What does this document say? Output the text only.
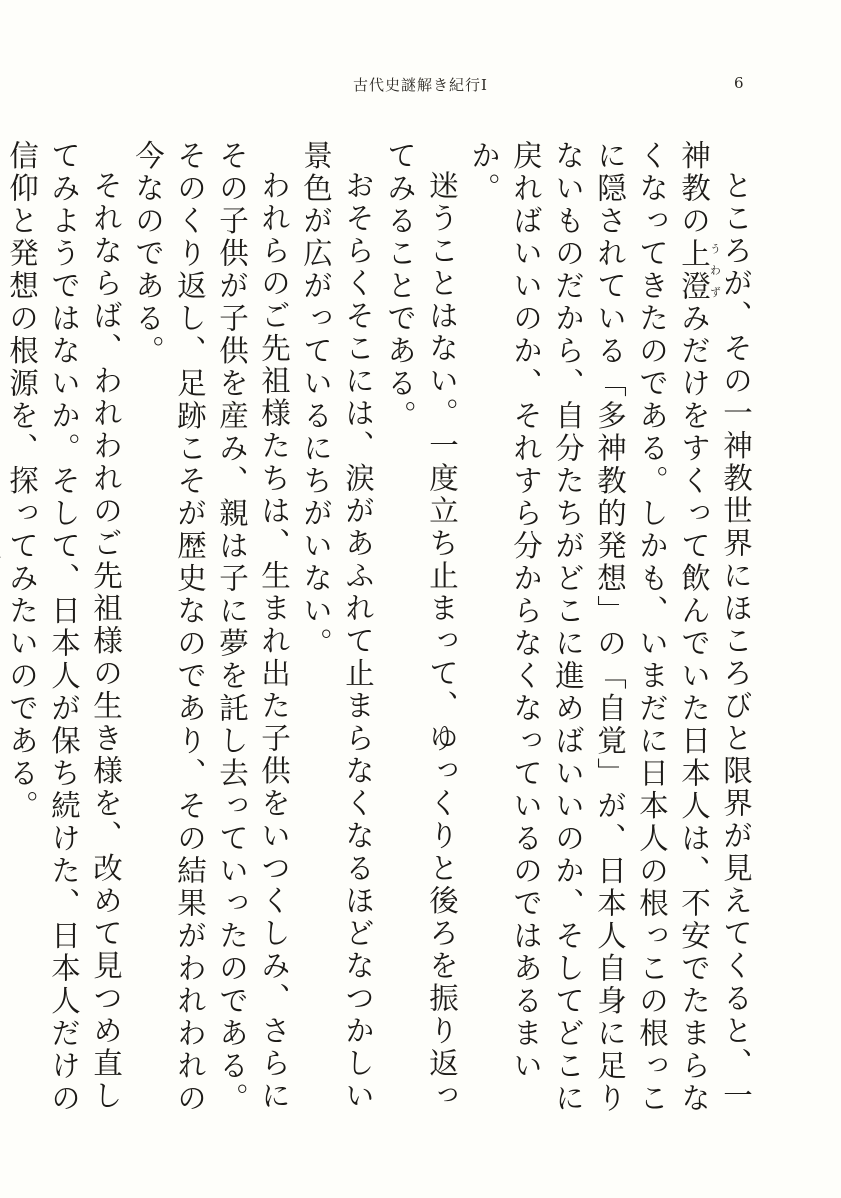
古代史謎解き紀行Ⅰ	6

ところが、その一神教世界にほころびと限界が見えてくると、一神教の上澄うわずみだけをすくって飲んでいた日本人は、不安でたまらなくなってきたのである。しかも、いまだに日本人の根っこの根っこに隠されている「多神教的発想」の「自覚」が、日本人自身に足りないものだから、自分たちがどこに進めばいいのか、そしてどこに戻ればいいのか、それすら分からなくなっているのではあるまいか。

迷うことはない。一度立ち止まって、ゆっくりと後ろを振り返ってみることである。

おそらくそこには、涙があふれて止まらなくなるほどなつかしい景色が広がっているにちがいない。

われらのご先祖様たちは、生まれ出た子供をいつくしみ、さらにその子供が子供を産み、親は子に夢を託し去っていったのである。そのくり返し、足跡こそが歴史なのであり、その結果がわれわれの今なのである。

それならば、われわれのご先祖様の生き様を、改めて見つめ直してみようではないか。そして、日本人が保ち続けた、日本人だけの信仰と発想の根源を、探ってみたいのである。
